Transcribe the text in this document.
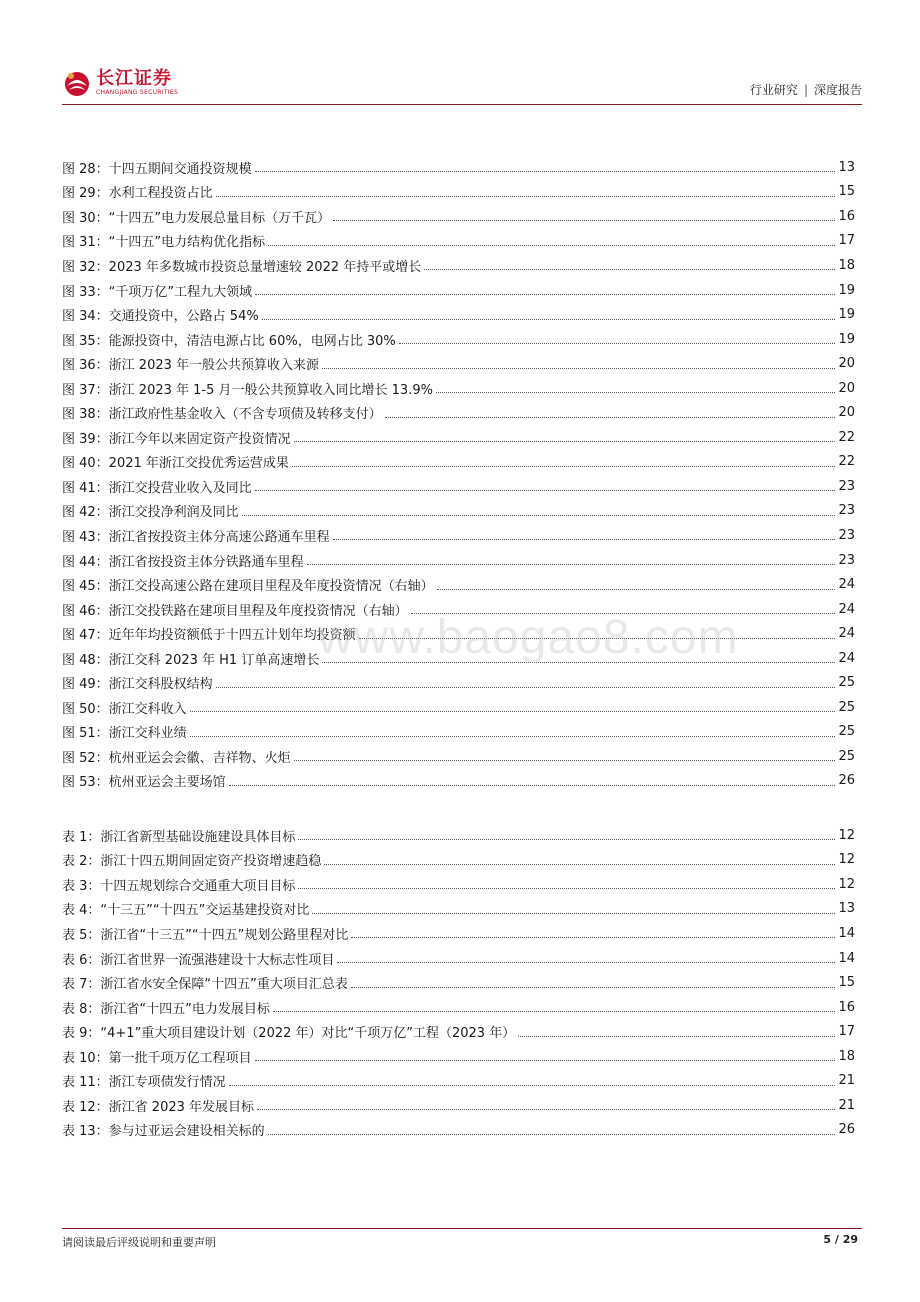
长江证券
CHANGJIANG SECURITIES	行业研究 | 深度报告
图 28：十四五期间交通投资规模	13
图 29：水利工程投资占比	15
图 30：“十四五”电力发展总量目标（万千瓦）	16
图 31：“十四五”电力结构优化指标	17
图 32：2023 年多数城市投资总量增速较 2022 年持平或增长	18
图 33：“千项万亿”工程九大领域	19
图 34：交通投资中，公路占 54%	19
图 35：能源投资中，清洁电源占比 60%，电网占比 30%	19
图 36：浙江 2023 年一般公共预算收入来源	20
图 37：浙江 2023 年 1-5 月一般公共预算收入同比增长 13.9%	20
图 38：浙江政府性基金收入（不含专项债及转移支付）	20
图 39：浙江今年以来固定资产投资情况	22
图 40：2021 年浙江交投优秀运营成果	22
图 41：浙江交投营业收入及同比	23
图 42：浙江交投净利润及同比	23
图 43：浙江省按投资主体分高速公路通车里程	23
图 44：浙江省按投资主体分铁路通车里程	23
图 45：浙江交投高速公路在建项目里程及年度投资情况（右轴）	24
图 46：浙江交投铁路在建项目里程及年度投资情况（右轴）	24
图 47：近年年均投资额低于十四五计划年均投资额	24
图 48：浙江交科 2023 年 H1 订单高速增长	24
图 49：浙江交科股权结构	25
图 50：浙江交科收入	25
图 51：浙江交科业绩	25
图 52：杭州亚运会会徽、吉祥物、火炬	25
图 53：杭州亚运会主要场馆	26
表 1：浙江省新型基础设施建设具体目标	12
表 2：浙江十四五期间固定资产投资增速趋稳	12
表 3：十四五规划综合交通重大项目目标	12
表 4：“十三五”“十四五”交运基建投资对比	13
表 5：浙江省“十三五”“十四五”规划公路里程对比	14
表 6：浙江省世界一流强港建设十大标志性项目	14
表 7：浙江省水安全保障“十四五”重大项目汇总表	15
表 8：浙江省“十四五”电力发展目标	16
表 9：“4+1”重大项目建设计划（2022 年）对比“千项万亿”工程（2023 年）	17
表 10：第一批千项万亿工程项目	18
表 11：浙江专项债发行情况	21
表 12：浙江省 2023 年发展目标	21
表 13：参与过亚运会建设相关标的	26
www.baogao8.com
请阅读最后评级说明和重要声明	5 / 29
